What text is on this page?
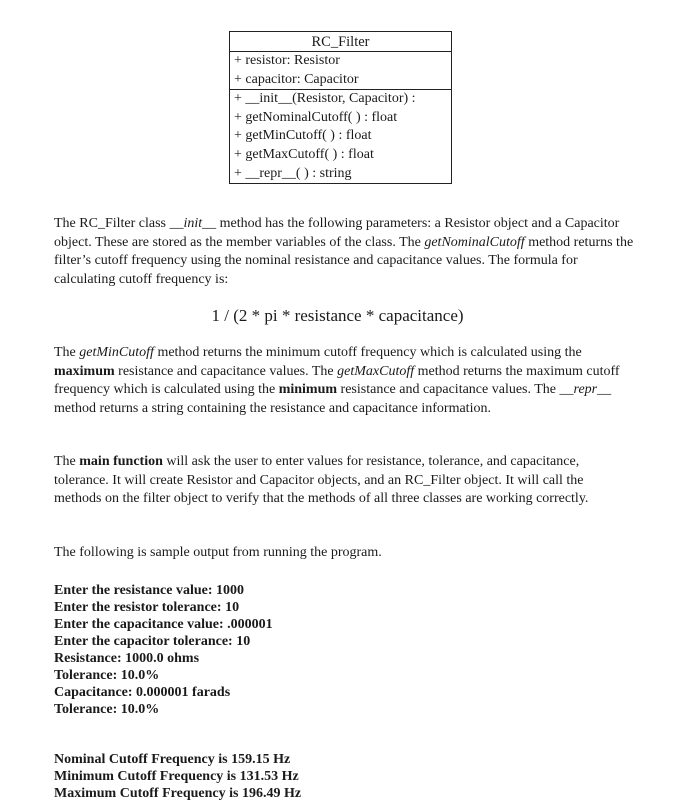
RC_Filter
+ resistor: Resistor
+ capacitor: Capacitor
+ __init__(Resistor, Capacitor) :
+ getNominalCutoff( ) : float
+ getMinCutoff( ) : float
+ getMaxCutoff( ) : float
+ __repr__( ) : string
The RC_Filter class __init__ method has the following parameters: a Resistor object and a Capacitor object. These are stored as the member variables of the class. The getNominalCutoff method returns the filter’s cutoff frequency using the nominal resistance and capacitance values. The formula for calculating cutoff frequency is:
1 / (2 * pi * resistance * capacitance)
The getMinCutoff method returns the minimum cutoff frequency which is calculated using the maximum resistance and capacitance values. The getMaxCutoff method returns the maximum cutoff frequency which is calculated using the minimum resistance and capacitance values. The __repr__ method returns a string containing the resistance and capacitance information.
The main function will ask the user to enter values for resistance, tolerance, and capacitance, tolerance. It will create Resistor and Capacitor objects, and an RC_Filter object. It will call the methods on the filter object to verify that the methods of all three classes are working correctly.
The following is sample output from running the program.
Enter the resistance value: 1000
Enter the resistor tolerance: 10
Enter the capacitance value: .000001
Enter the capacitor tolerance: 10
Resistance: 1000.0 ohms
Tolerance: 10.0%
Capacitance: 0.000001 farads
Tolerance: 10.0%
Nominal Cutoff Frequency is 159.15 Hz
Minimum Cutoff Frequency is 131.53 Hz
Maximum Cutoff Frequency is 196.49 Hz
